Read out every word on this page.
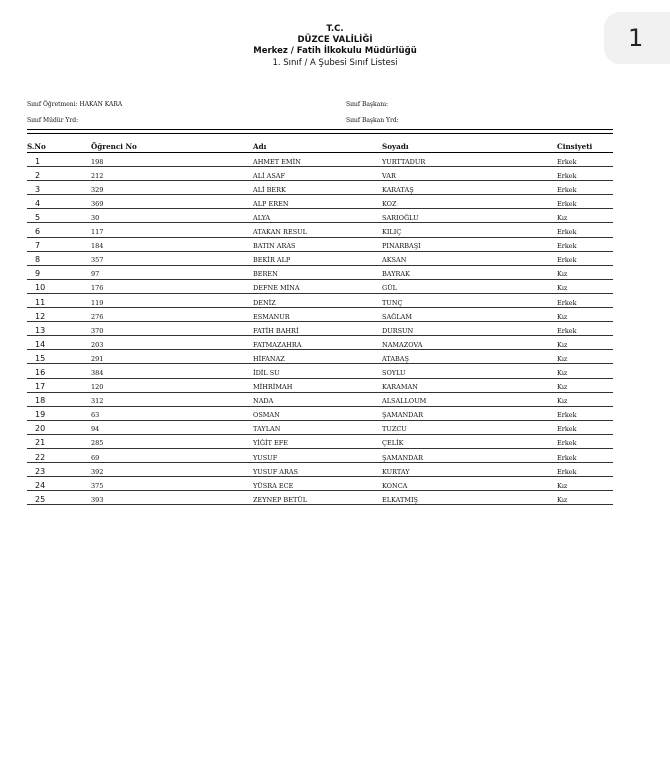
1
T.C.
DÜZCE VALİLİĞİ
Merkez / Fatih İlkokulu Müdürlüğü
1. Sınıf / A Şubesi Sınıf Listesi
Sınıf Öğretmeni: HAKAN KARA
Sınıf Müdür Yrd:
Sınıf Başkanı:
Sınıf Başkan Yrd:
S.No	Öğrenci No	Adı	Soyadı	Cinsiyeti
1	198	AHMET EMİN	YURTTADUR	Erkek
2	212	ALİ ASAF	VAR	Erkek
3	329	ALİ BERK	KARATAŞ	Erkek
4	369	ALP EREN	KOZ	Erkek
5	30	ALYA	SARIOĞLU	Kız
6	117	ATAKAN RESUL	KILIÇ	Erkek
7	184	BATIN ARAS	PINARBAŞI	Erkek
8	357	BEKİR ALP	AKSAN	Erkek
9	97	BEREN	BAYRAK	Kız
10	176	DEFNE MİNA	GÜL	Kız
11	119	DENİZ	TUNÇ	Erkek
12	276	ESMANUR	SAĞLAM	Kız
13	370	FATİH BAHRİ	DURSUN	Erkek
14	203	FATMAZAHRA	NAMAZOVA	Kız
15	291	HİFANAZ	ATABAŞ	Kız
16	384	İDİL SU	SOYLU	Kız
17	120	MİHRİMAH	KARAMAN	Kız
18	312	NADA	ALSALLOUM	Kız
19	63	OSMAN	ŞAMANDAR	Erkek
20	94	TAYLAN	TUZCU	Erkek
21	285	YİĞİT EFE	ÇELİK	Erkek
22	69	YUSUF	ŞAMANDAR	Erkek
23	392	YUSUF ARAS	KURTAY	Erkek
24	375	YÜSRA ECE	KONCA	Kız
25	393	ZEYNEP BETÜL	ELKATMIŞ	Kız
